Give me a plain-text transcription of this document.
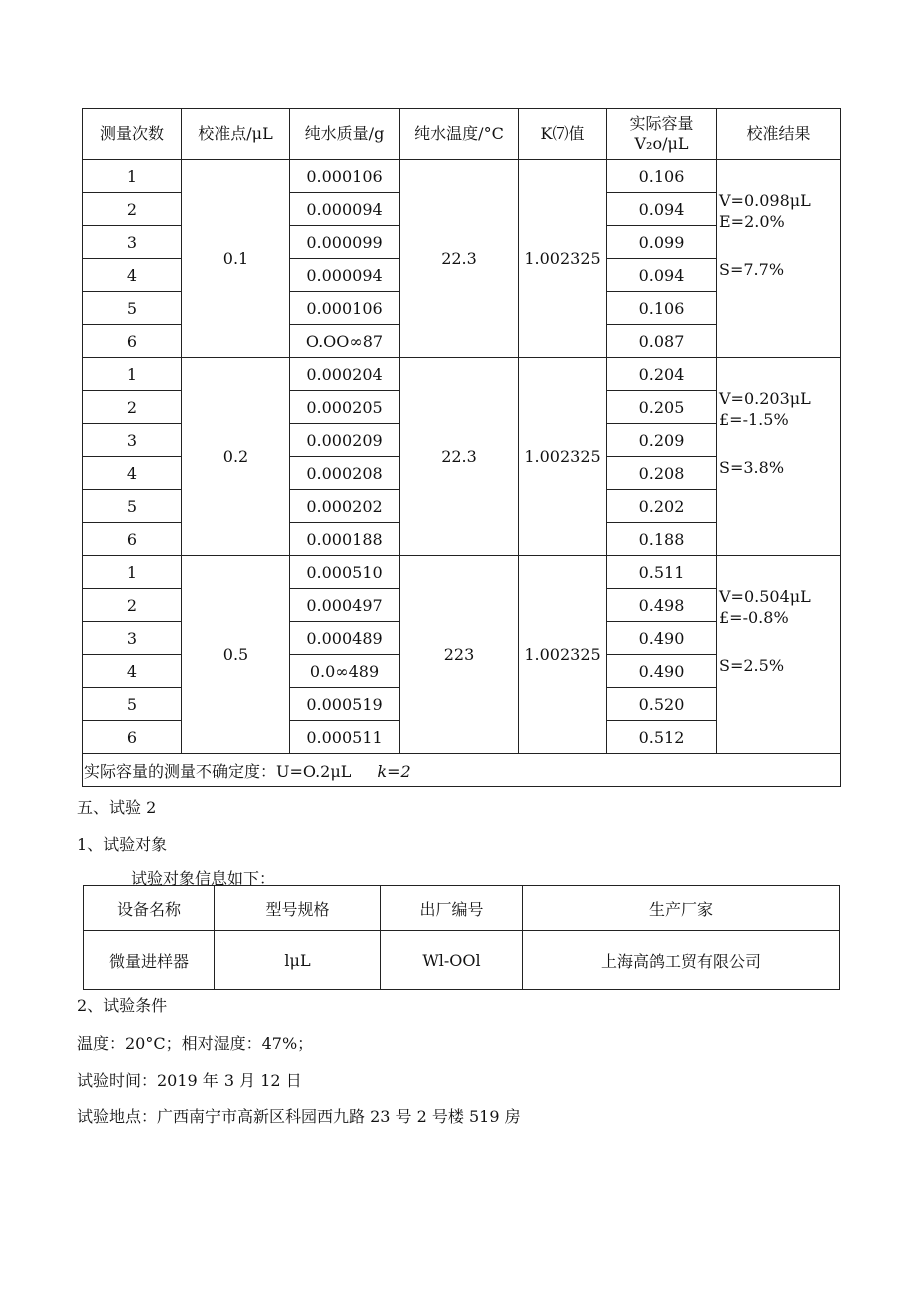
测量次数	校准点/μL	纯水质量/g	纯水温度/°C	K⑺值	实际容量
V₂o/μL	校准结果
1	0.1	0.000106	22.3	1.002325	0.106	V=0.098μL
E=2.0%
S=7.7%

2		0.000094			0.094	
3		0.000099			0.099	
4		0.000094			0.094	
5		0.000106			0.106	
6		O.OO∞87			0.087	
1	0.2	0.000204	22.3	1.002325	0.204	V=0.203μL
£=-1.5%
S=3.8%

2		0.000205			0.205	
3		0.000209			0.209	
4		0.000208			0.208	
5		0.000202			0.202	
6		0.000188			0.188	
1	0.5	0.000510	223	1.002325	0.511	V=0.504μL
£=-0.8%
S=2.5%

2		0.000497			0.498	
3		0.000489			0.490	
4		0.0∞489			0.490	
5		0.000519			0.520	
6		0.000511			0.512	
实际容量的测量不确定度：U=O.2μL k=2						
五、试验 2
1、试验对象
试验对象信息如下：
设备名称	型号规格	出厂编号	生产厂家
微量进样器	lμL	Wl-OOl	上海高鸽工贸有限公司
2、试验条件
温度：20°C；相对湿度：47%；
试验时间：2019 年 3 月 12 日
试验地点：广西南宁市高新区科园西九路 23 号 2 号楼 519 房
